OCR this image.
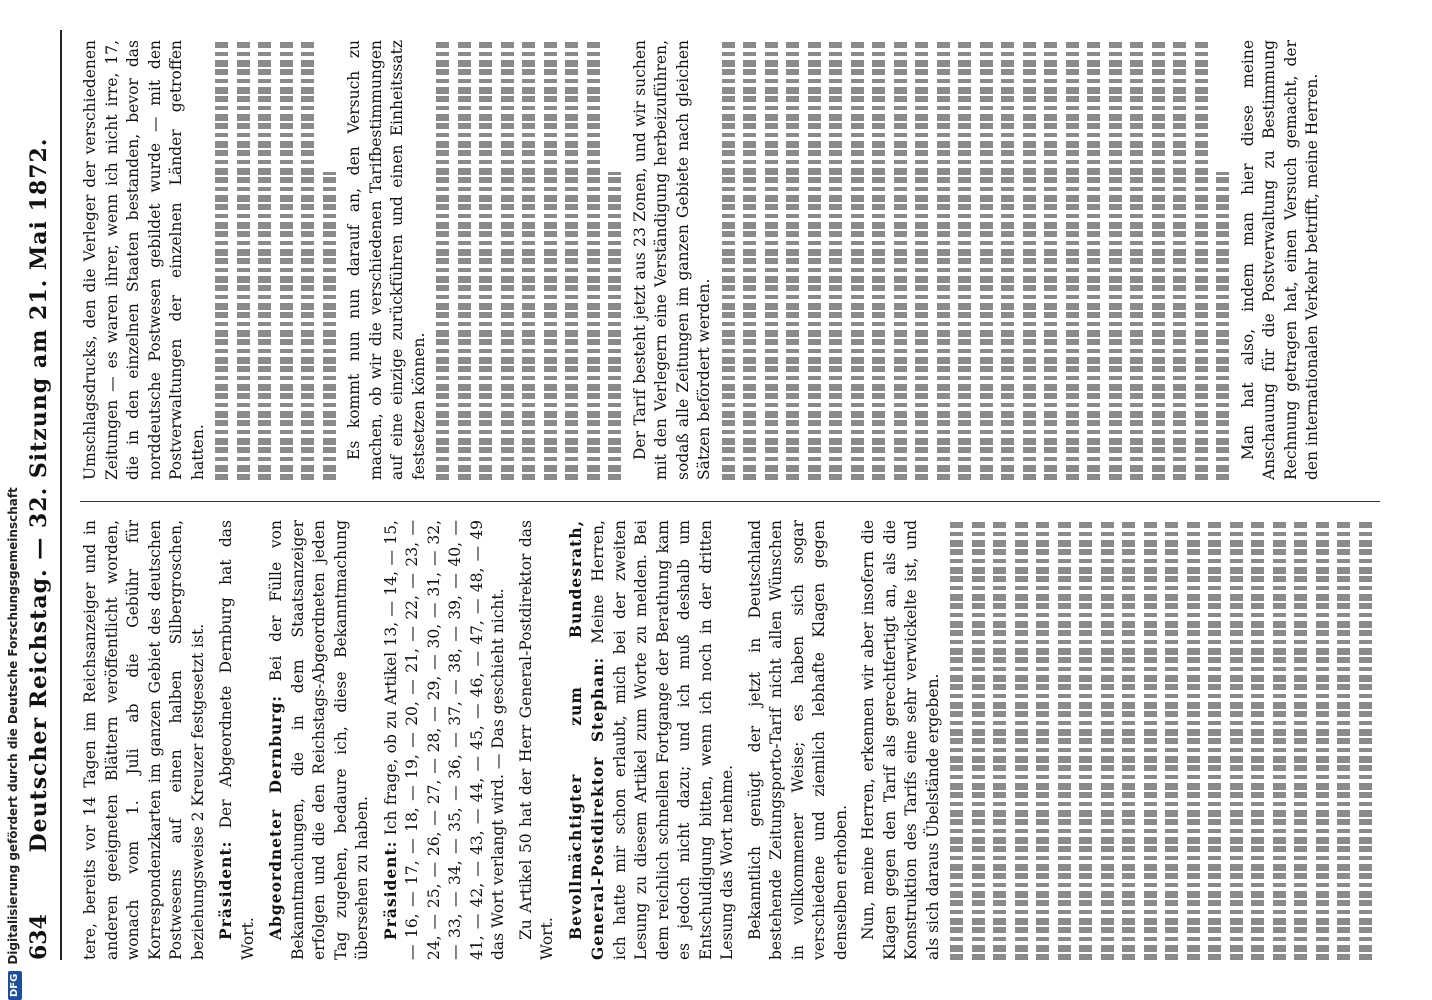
634
Deutscher Reichstag. — 32. Sitzung am 21. Mai 1872. tere, bereits vor 14 Tagen im Reichsanzeiger und in anderen geeigneten Blättern veröffentlicht worden, wonach vom 1. Juli ab die Gebühr für Korrespondenzkarten im ganzen Gebiet des deutschen Postwesens auf einen halben Silbergroschen, beziehungsweise 2 Kreuzer festgesetzt ist. Präsident: Der Abgeordnete Dernburg hat das Wort. Abgeordneter Dernburg: Bei der Fülle von Bekanntmachungen, die in dem Staatsanzeiger erfolgen und die den Reichstags-Abgeordneten jeden Tag zugehen, bedaure ich, diese Bekanntmachung übersehen zu haben. Präsident: Ich frage, ob zu Artikel 13, — 14, — 15, — 16, — 17, — 18, — 19, — 20, — 21, — 22, — 23, — 24, — 25, — 26, — 27, — 28, — 29, — 30, — 31, — 32, — 33, — 34, — 35, — 36, — 37, — 38, — 39, — 40, — 41, — 42, — 43, — 44, — 45, — 46, — 47, — 48, — 49 das Wort verlangt wird. — Das geschieht nicht. Zu Artikel 50 hat der Herr General-Postdirektor das Wort. Bevollmächtigter zum Bundesrath, General-Postdirektor Stephan: Meine Herren, ich hatte mir schon erlaubt, mich bei der zweiten Lesung zu diesem Artikel zum Worte zu melden. Bei dem reichlich schnellen Fortgange der Berathung kam es jedoch nicht dazu; und ich muß deshalb um Entschuldigung bitten, wenn ich noch in der dritten Lesung das Wort nehme. Bekanntlich genügt der jetzt in Deutschland bestehende Zeitungsporto-Tarif nicht allen Wünschen in vollkommener Weise; es haben sich sogar verschiedene und ziemlich lebhafte Klagen gegen denselben erhoben. Nun, meine Herren, erkennen wir aber insofern die Klagen gegen den Tarif als gerechtfertigt an, als die Konstruktion des Tarifs eine sehr verwickelte ist, und als sich daraus Übelstände ergeben.

Umschlagsdrucks, den die Verleger der verschiedenen Zeitungen — es waren ihrer, wenn ich nicht irre, 17, die in den einzelnen Staaten bestanden, bevor das norddeutsche Postwesen gebildet wurde — mit den Postverwaltungen der einzelnen Länder getroffen hatten.	Es kommt nun nun darauf an, den Versuch zu machen, ob wir die verschiedenen Tarifbestimmungen auf eine einzige zurückführen und einen Einheitssatz festsetzen können.	Der Tarif besteht jetzt aus 23 Zonen, und wir suchen mit den Verlegern eine Verständigung herbeizuführen, sodaß alle Zeitungen im ganzen Gebiete nach gleichen Sätzen befördert werden.	Man hat also, indem man hier diese meine Anschauung für die Postverwaltung zu Bestimmung Rechnung getragen hat, einen Versuch gemacht, der den internationalen Verkehr betrifft, meine Herren.

DFGDigitalisierung gefördert durch die Deutsche Forschungsgemeinschaft
